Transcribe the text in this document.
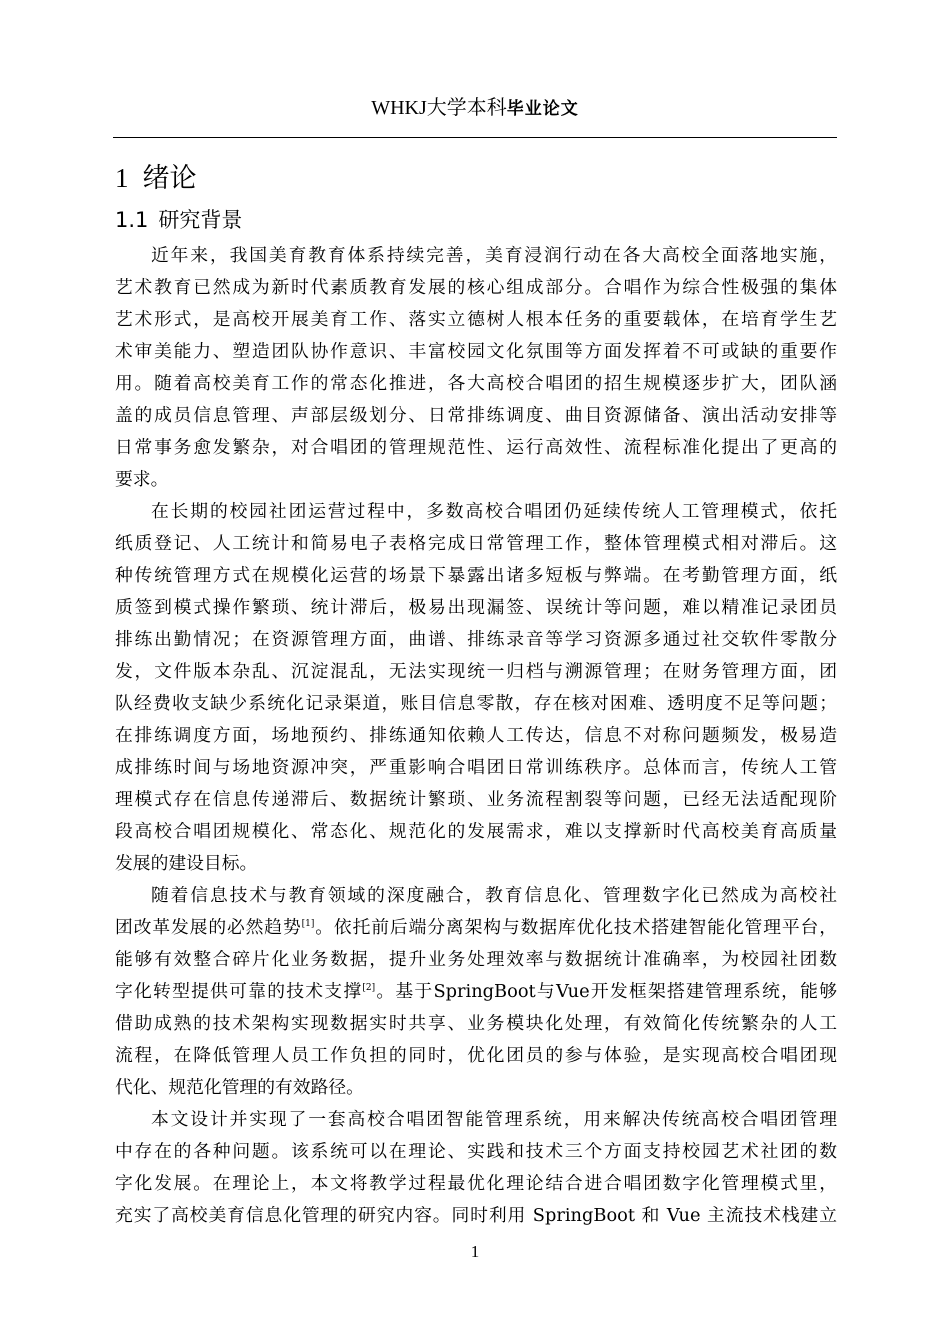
WHKJ大学本科毕业论文
1 绪论
1.1 研究背景
近年来，我国美育教育体系持续完善，美育浸润行动在各大高校全面落地实施，
艺术教育已然成为新时代素质教育发展的核心组成部分。合唱作为综合性极强的集体
艺术形式，是高校开展美育工作、落实立德树人根本任务的重要载体，在培育学生艺
术审美能力、塑造团队协作意识、丰富校园文化氛围等方面发挥着不可或缺的重要作
用。随着高校美育工作的常态化推进，各大高校合唱团的招生规模逐步扩大，团队涵
盖的成员信息管理、声部层级划分、日常排练调度、曲目资源储备、演出活动安排等
日常事务愈发繁杂，对合唱团的管理规范性、运行高效性、流程标准化提出了更高的
要求。
在长期的校园社团运营过程中，多数高校合唱团仍延续传统人工管理模式，依托
纸质登记、人工统计和简易电子表格完成日常管理工作，整体管理模式相对滞后。这
种传统管理方式在规模化运营的场景下暴露出诸多短板与弊端。在考勤管理方面，纸
质签到模式操作繁琐、统计滞后，极易出现漏签、误统计等问题，难以精准记录团员
排练出勤情况；在资源管理方面，曲谱、排练录音等学习资源多通过社交软件零散分
发，文件版本杂乱、沉淀混乱，无法实现统一归档与溯源管理；在财务管理方面，团
队经费收支缺少系统化记录渠道，账目信息零散，存在核对困难、透明度不足等问题；
在排练调度方面，场地预约、排练通知依赖人工传达，信息不对称问题频发，极易造
成排练时间与场地资源冲突，严重影响合唱团日常训练秩序。总体而言，传统人工管
理模式存在信息传递滞后、数据统计繁琐、业务流程割裂等问题，已经无法适配现阶
段高校合唱团规模化、常态化、规范化的发展需求，难以支撑新时代高校美育高质量
发展的建设目标。
随着信息技术与教育领域的深度融合，教育信息化、管理数字化已然成为高校社
团改革发展的必然趋势[1]。依托前后端分离架构与数据库优化技术搭建智能化管理平台，
能够有效整合碎片化业务数据，提升业务处理效率与数据统计准确率，为校园社团数
字化转型提供可靠的技术支撑[2]。基于SpringBoot与Vue开发框架搭建管理系统，能够
借助成熟的技术架构实现数据实时共享、业务模块化处理，有效简化传统繁杂的人工
流程，在降低管理人员工作负担的同时，优化团员的参与体验，是实现高校合唱团现
代化、规范化管理的有效路径。
本文设计并实现了一套高校合唱团智能管理系统，用来解决传统高校合唱团管理
中存在的各种问题。该系统可以在理论、实践和技术三个方面支持校园艺术社团的数
字化发展。在理论上，本文将教学过程最优化理论结合进合唱团数字化管理模式里，
充实了高校美育信息化管理的研究内容。同时利用 SpringBoot 和 Vue 主流技术栈建立
1
